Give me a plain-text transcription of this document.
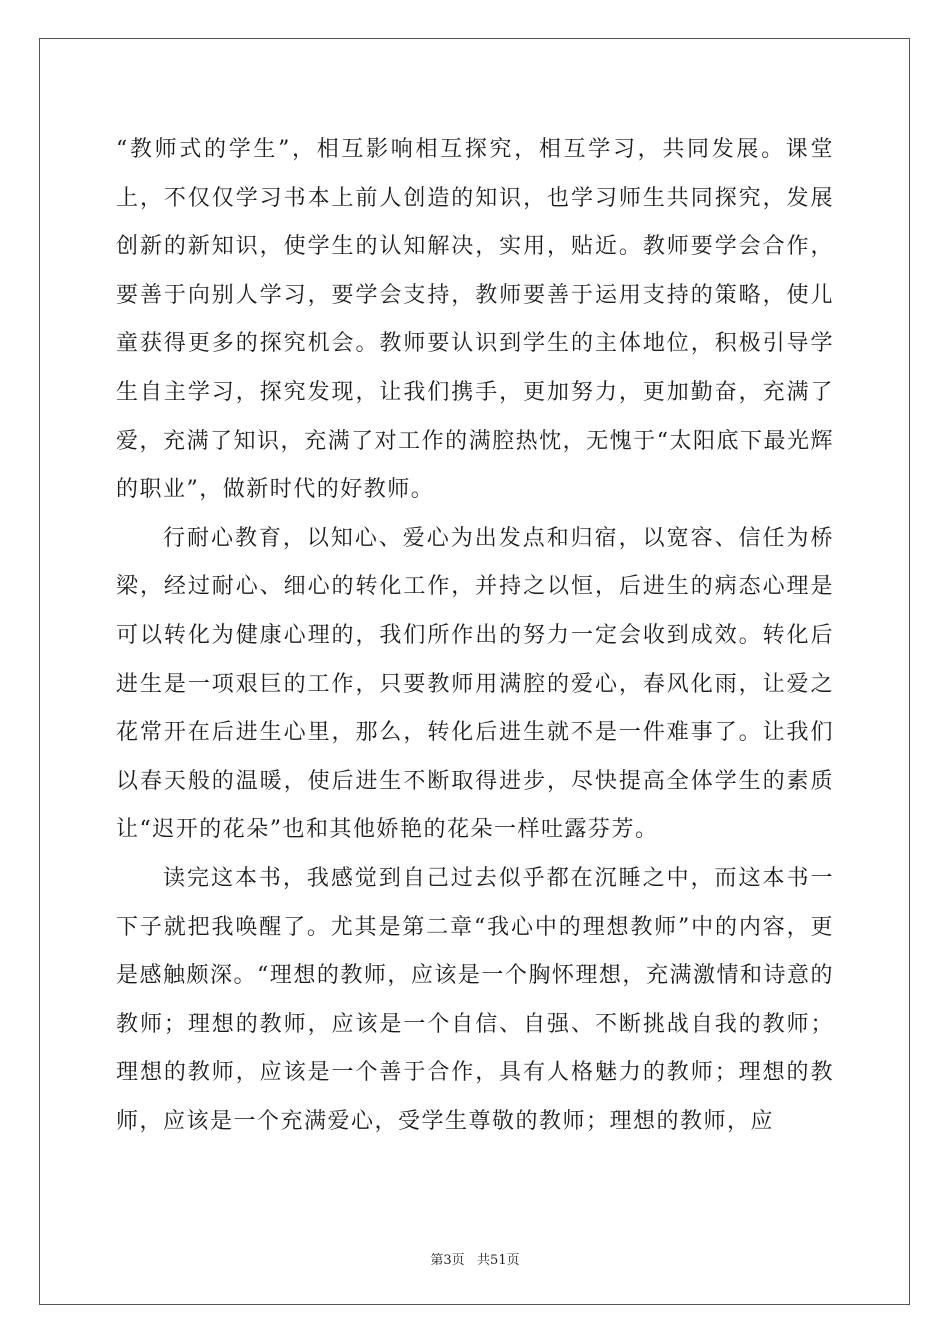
“教师式的学生”，相互影响相互探究，相互学习，共同发展。课堂上，不仅仅学习书本上前人创造的知识，也学习师生共同探究，发展创新的新知识，使学生的认知解决，实用，贴近。教师要学会合作，要善于向别人学习，要学会支持，教师要善于运用支持的策略，使儿童获得更多的探究机会。教师要认识到学生的主体地位，积极引导学生自主学习，探究发现，让我们携手，更加努力，更加勤奋，充满了爱，充满了知识，充满了对工作的满腔热忱，无愧于“太阳底下最光辉的职业”，做新时代的好教师。

行耐心教育，以知心、爱心为出发点和归宿，以宽容、信任为桥梁，经过耐心、细心的转化工作，并持之以恒，后进生的病态心理是可以转化为健康心理的，我们所作出的努力一定会收到成效。转化后进生是一项艰巨的工作，只要教师用满腔的爱心，春风化雨，让爱之花常开在后进生心里，那么，转化后进生就不是一件难事了。让我们以春天般的温暖，使后进生不断取得进步，尽快提高全体学生的素质让“迟开的花朵”也和其他娇艳的花朵一样吐露芬芳。

读完这本书，我感觉到自己过去似乎都在沉睡之中，而这本书一下子就把我唤醒了。尤其是第二章“我心中的理想教师”中的内容，更是感触颇深。“理想的教师，应该是一个胸怀理想，充满激情和诗意的教师；理想的教师，应该是一个自信、自强、不断挑战自我的教师；理想的教师，应该是一个善于合作，具有人格魅力的教师；理想的教师，应该是一个充满爱心，受学生尊敬的教师；理想的教师，应

第3页   共51页
